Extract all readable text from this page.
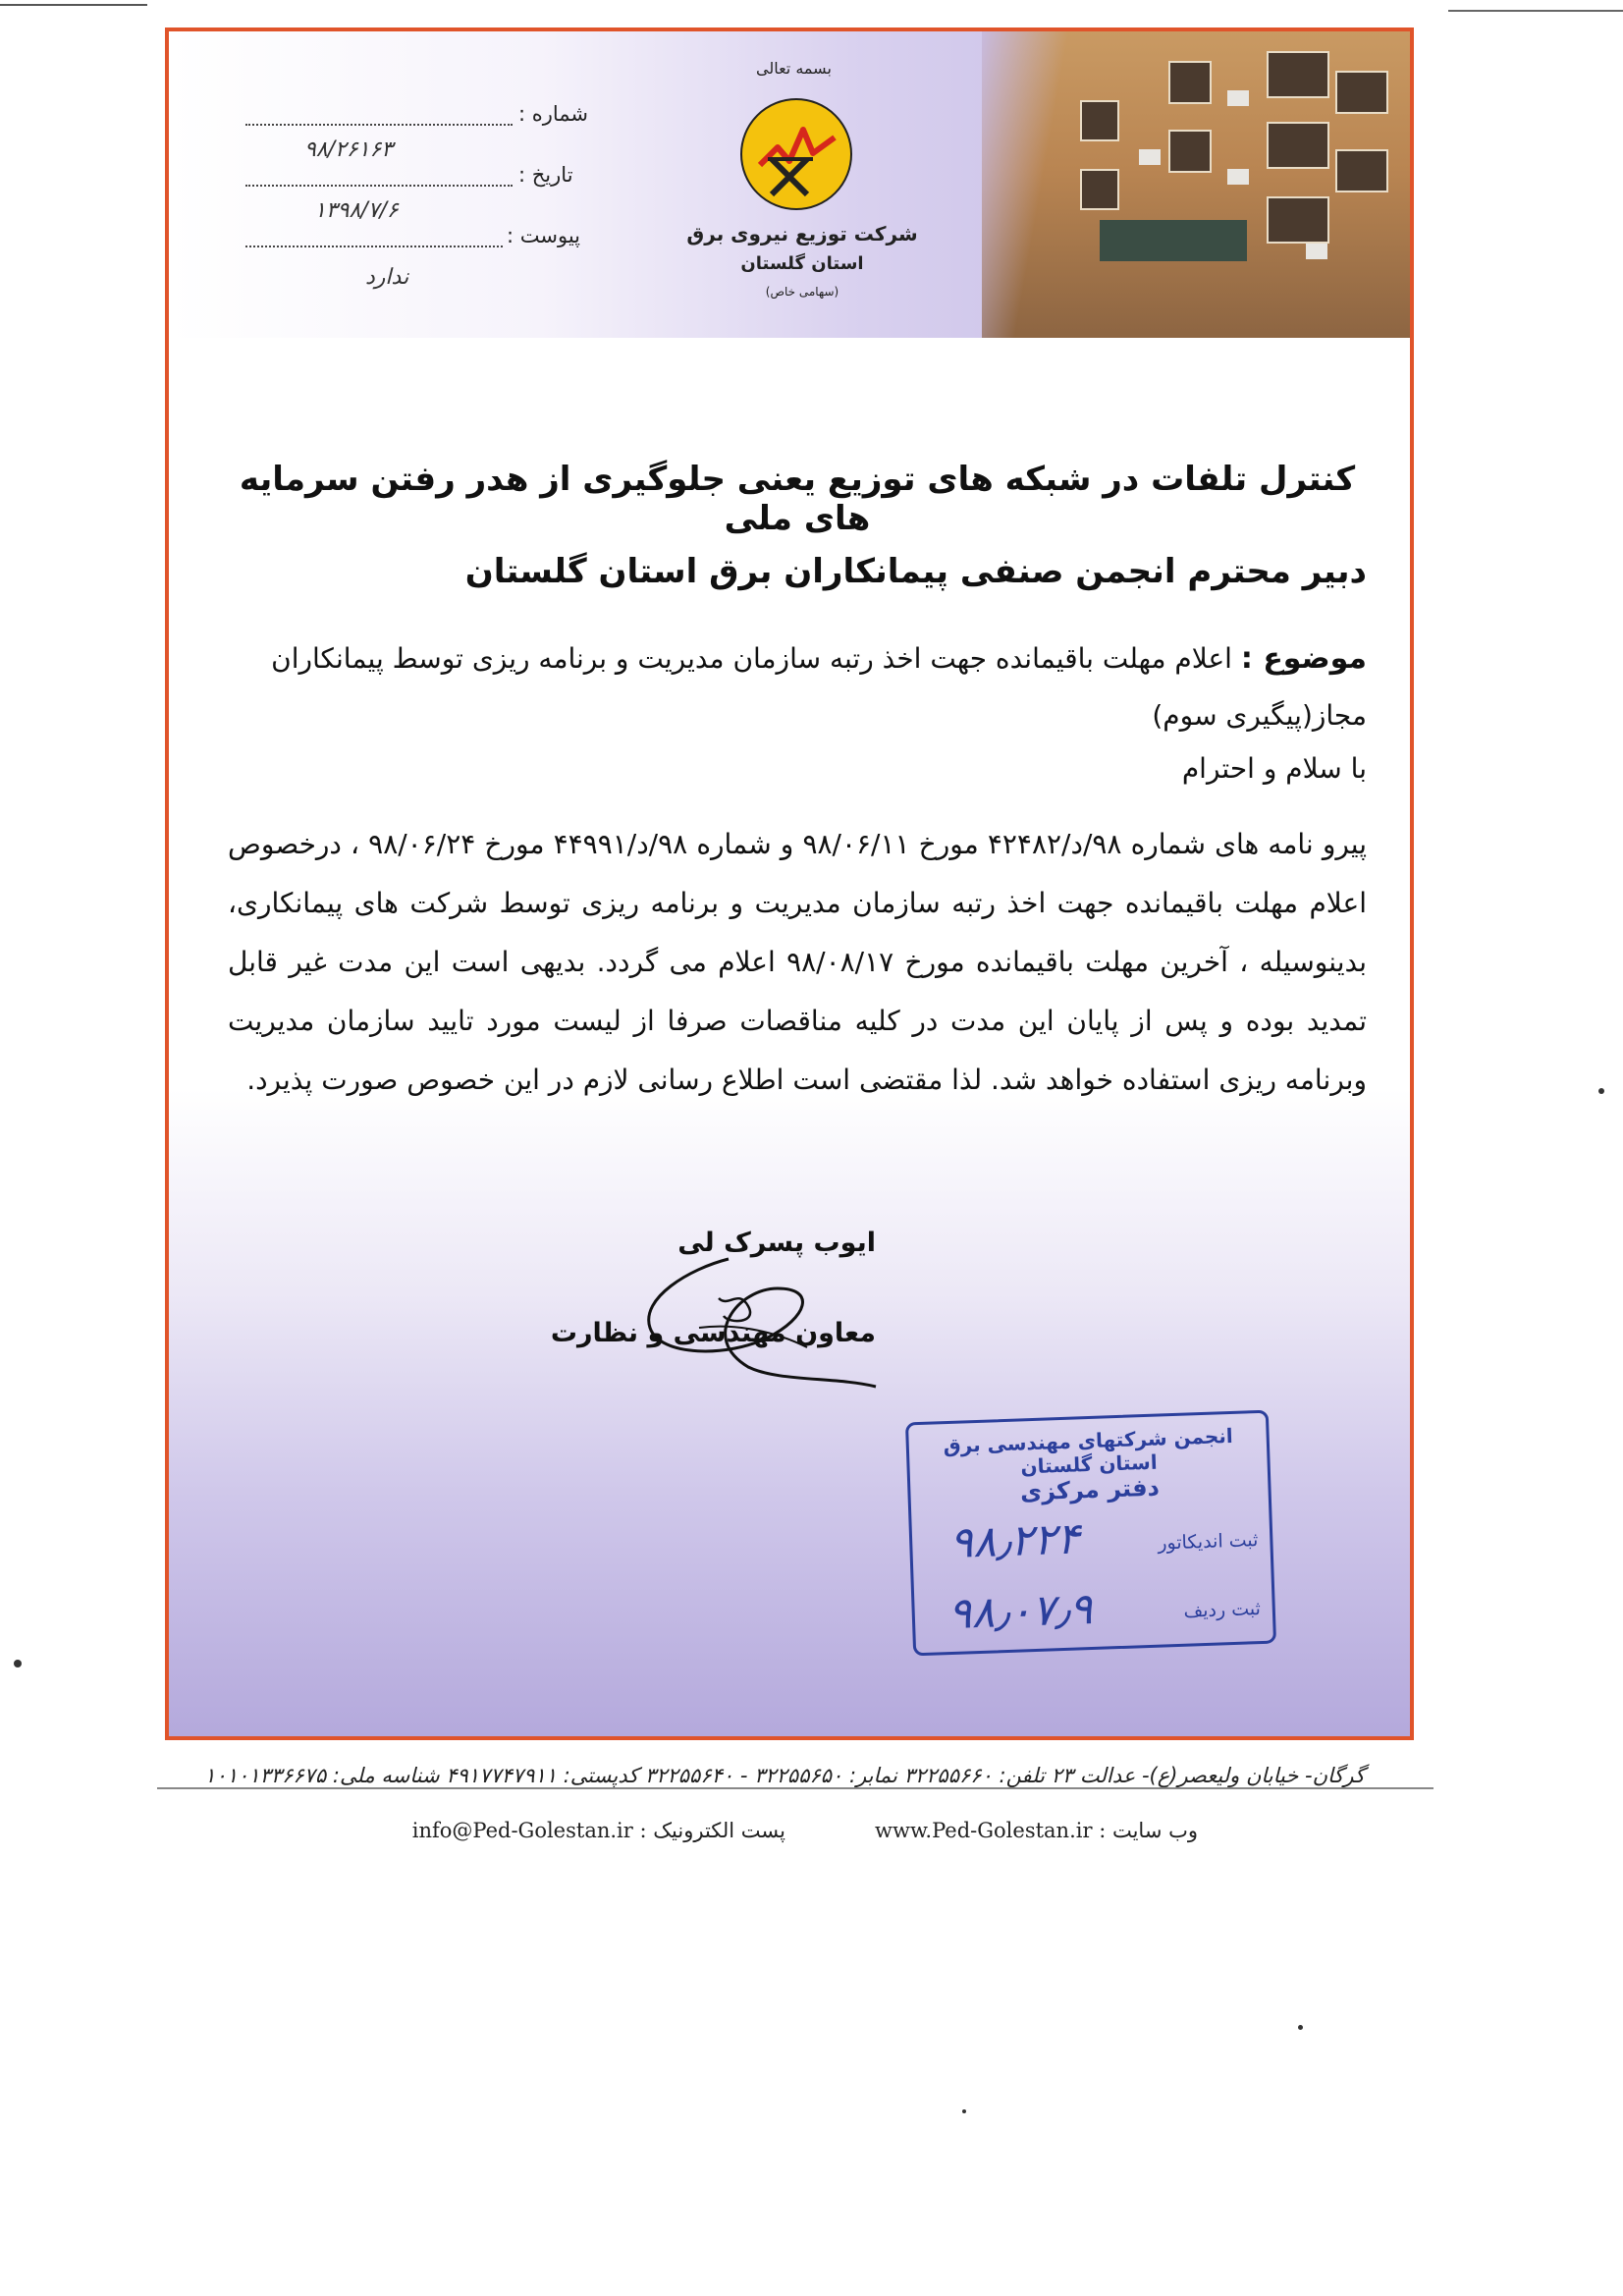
شماره :
۹۸/۲۶۱۶۳
تاریخ :
۱۳۹۸/۷/۶
پیوست :
ندارد
بسمه تعالی
شرکت توزیع نیروی برق
استان گلستان
(سهامی خاص)
کنترل تلفات در شبکه های توزیع یعنی جلوگیری از هدر رفتن سرمایه های ملی
دبیر محترم انجمن صنفی پیمانکاران برق استان گلستان
موضوع : اعلام مهلت باقیمانده جهت اخذ رتبه سازمان مدیریت و برنامه ریزی توسط پیمانکاران مجاز(پیگیری سوم)
با سلام و احترام
پیرو نامه های شماره ۹۸/د/۴۲۴۸۲ مورخ ۹۸/۰۶/۱۱ و شماره ۹۸/د/۴۴۹۹۱ مورخ ۹۸/۰۶/۲۴ ، درخصوص اعلام مهلت باقیمانده جهت اخذ رتبه سازمان مدیریت و برنامه ریزی توسط شرکت های پیمانکاری، بدینوسیله ، آخرین مهلت باقیمانده مورخ ۹۸/۰۸/۱۷ اعلام می گردد. بدیهی است این مدت غیر قابل تمدید بوده و پس از پایان این مدت در کلیه مناقصات صرفا از لیست مورد تایید سازمان مدیریت وبرنامه ریزی استفاده خواهد شد. لذا مقتضی است اطلاع رسانی لازم در این خصوص صورت پذیرد.
ایوب پسرک لی
معاون مهندسی و نظارت
انجمن شرکتهای مهندسی برق استان گلستان
دفتر مرکزی
ثبت اندیکاتور
۹۸٫۲۲۴
ثبت ردیف
۹۸٫۰۷٫۹
گرگان- خیابان ولیعصر(ع)- عدالت ۲۳ تلفن: ۳۲۲۵۵۶۶۰ نمابر: ۳۲۲۵۵۶۵۰ - ۳۲۲۵۵۶۴۰ کدپستی: ۴۹۱۷۷۴۷۹۱۱ شناسه ملی: ۱۰۱۰۱۳۳۶۶۷۵
وب سایت : www.Ped-Golestan.ir
پست الکترونیک : info@Ped-Golestan.ir
